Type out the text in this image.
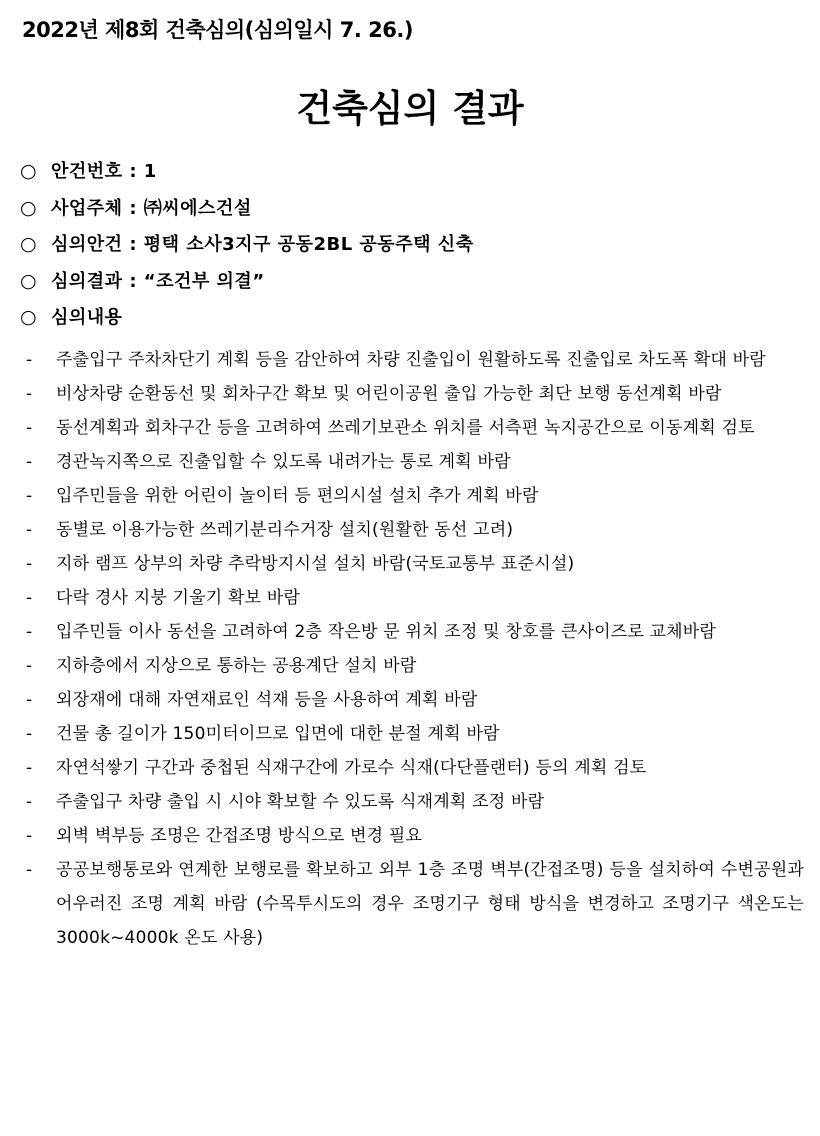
2022년 제8회 건축심의(심의일시 7. 26.)
건축심의 결과
○ 안건번호 : 1
○ 사업주체 : ㈜씨에스건설
○ 심의안건 : 평택 소사3지구 공동2BL 공동주택 신축
○ 심의결과 : “조건부 의결”
○ 심의내용
- 주출입구 주차차단기 계획 등을 감안하여 차량 진출입이 원활하도록 진출입로 차도폭 확대 바람
- 비상차량 순환동선 및 회차구간 확보 및 어린이공원 출입 가능한 최단 보행 동선계획 바람
- 동선계획과 회차구간 등을 고려하여 쓰레기보관소 위치를 서측편 녹지공간으로 이동계획 검토
- 경관녹지쪽으로 진출입할 수 있도록 내려가는 통로 계획 바람
- 입주민들을 위한 어린이 놀이터 등 편의시설 설치 추가 계획 바람
- 동별로 이용가능한 쓰레기분리수거장 설치(원활한 동선 고려)
- 지하 램프 상부의 차량 추락방지시설 설치 바람(국토교통부 표준시설)
- 다락 경사 지붕 기울기 확보 바람
- 입주민들 이사 동선을 고려하여 2층 작은방 문 위치 조정 및 창호를 큰사이즈로 교체바람
- 지하층에서 지상으로 통하는 공용계단 설치 바람
- 외장재에 대해 자연재료인 석재 등을 사용하여 계획 바람
- 건물 총 길이가 150미터이므로 입면에 대한 분절 계획 바람
- 자연석쌓기 구간과 중첩된 식재구간에 가로수 식재(다단플랜터) 등의 계획 검토
- 주출입구 차량 출입 시 시야 확보할 수 있도록 식재계획 조정 바람
- 외벽 벽부등 조명은 간접조명 방식으로 변경 필요
- 공공보행통로와 연계한 보행로를 확보하고 외부 1층 조명 벽부(간접조명) 등을 설치하여 수변공원과 어우러진 조명 계획 바람 (수목투시도의 경우 조명기구 형태 방식을 변경하고 조명기구 색온도는 3000k~4000k 온도 사용)
